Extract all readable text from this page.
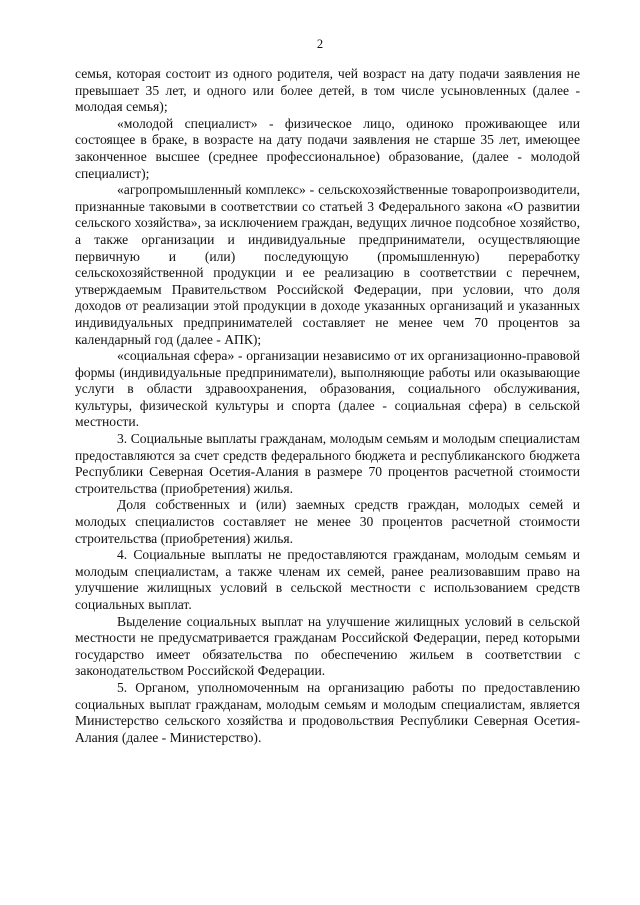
2

семья, которая состоит из одного родителя, чей возраст на дату подачи заявления не превышает 35 лет, и одного или более детей, в том числе усыновленных (далее - молодая семья);

«молодой специалист» - физическое лицо, одиноко проживающее или состоящее в браке, в возрасте на дату подачи заявления не старше 35 лет, имеющее законченное высшее (среднее профессиональное) образование, (далее - молодой специалист);

«агропромышленный комплекс» - сельскохозяйственные товаропроизводители, признанные таковыми в соответствии со статьей 3 Федерального закона «О развитии сельского хозяйства», за исключением граждан, ведущих личное подсобное хозяйство, а также организации и индивидуальные предприниматели, осуществляющие первичную и (или) последующую (промышленную) переработку сельскохозяйственной продукции и ее реализацию в соответствии с перечнем, утверждаемым Правительством Российской Федерации, при условии, что доля доходов от реализации этой продукции в доходе указанных организаций и указанных индивидуальных предпринимателей составляет не менее чем 70 процентов за календарный год (далее - АПК);

«социальная сфера» - организации независимо от их организационно-правовой формы (индивидуальные предприниматели), выполняющие работы или оказывающие услуги в области здравоохранения, образования, социального обслуживания, культуры, физической культуры и спорта (далее - социальная сфера) в сельской местности.

3. Социальные выплаты гражданам, молодым семьям и молодым специалистам предоставляются за счет средств федерального бюджета и республиканского бюджета Республики Северная Осетия-Алания в размере 70 процентов расчетной стоимости строительства (приобретения) жилья.

Доля собственных и (или) заемных средств граждан, молодых семей и молодых специалистов составляет не менее 30 процентов расчетной стоимости строительства (приобретения) жилья.

4. Социальные выплаты не предоставляются гражданам, молодым семьям и молодым специалистам, а также членам их семей, ранее реализовавшим право на улучшение жилищных условий в сельской местности с использованием средств социальных выплат.

Выделение социальных выплат на улучшение жилищных условий в сельской местности не предусматривается гражданам Российской Федерации, перед которыми государство имеет обязательства по обеспечению жильем в соответствии с законодательством Российской Федерации.

5. Органом, уполномоченным на организацию работы по предоставлению социальных выплат гражданам, молодым семьям и молодым специалистам, является Министерство сельского хозяйства и продовольствия Республики Северная Осетия-Алания (далее - Министерство).
